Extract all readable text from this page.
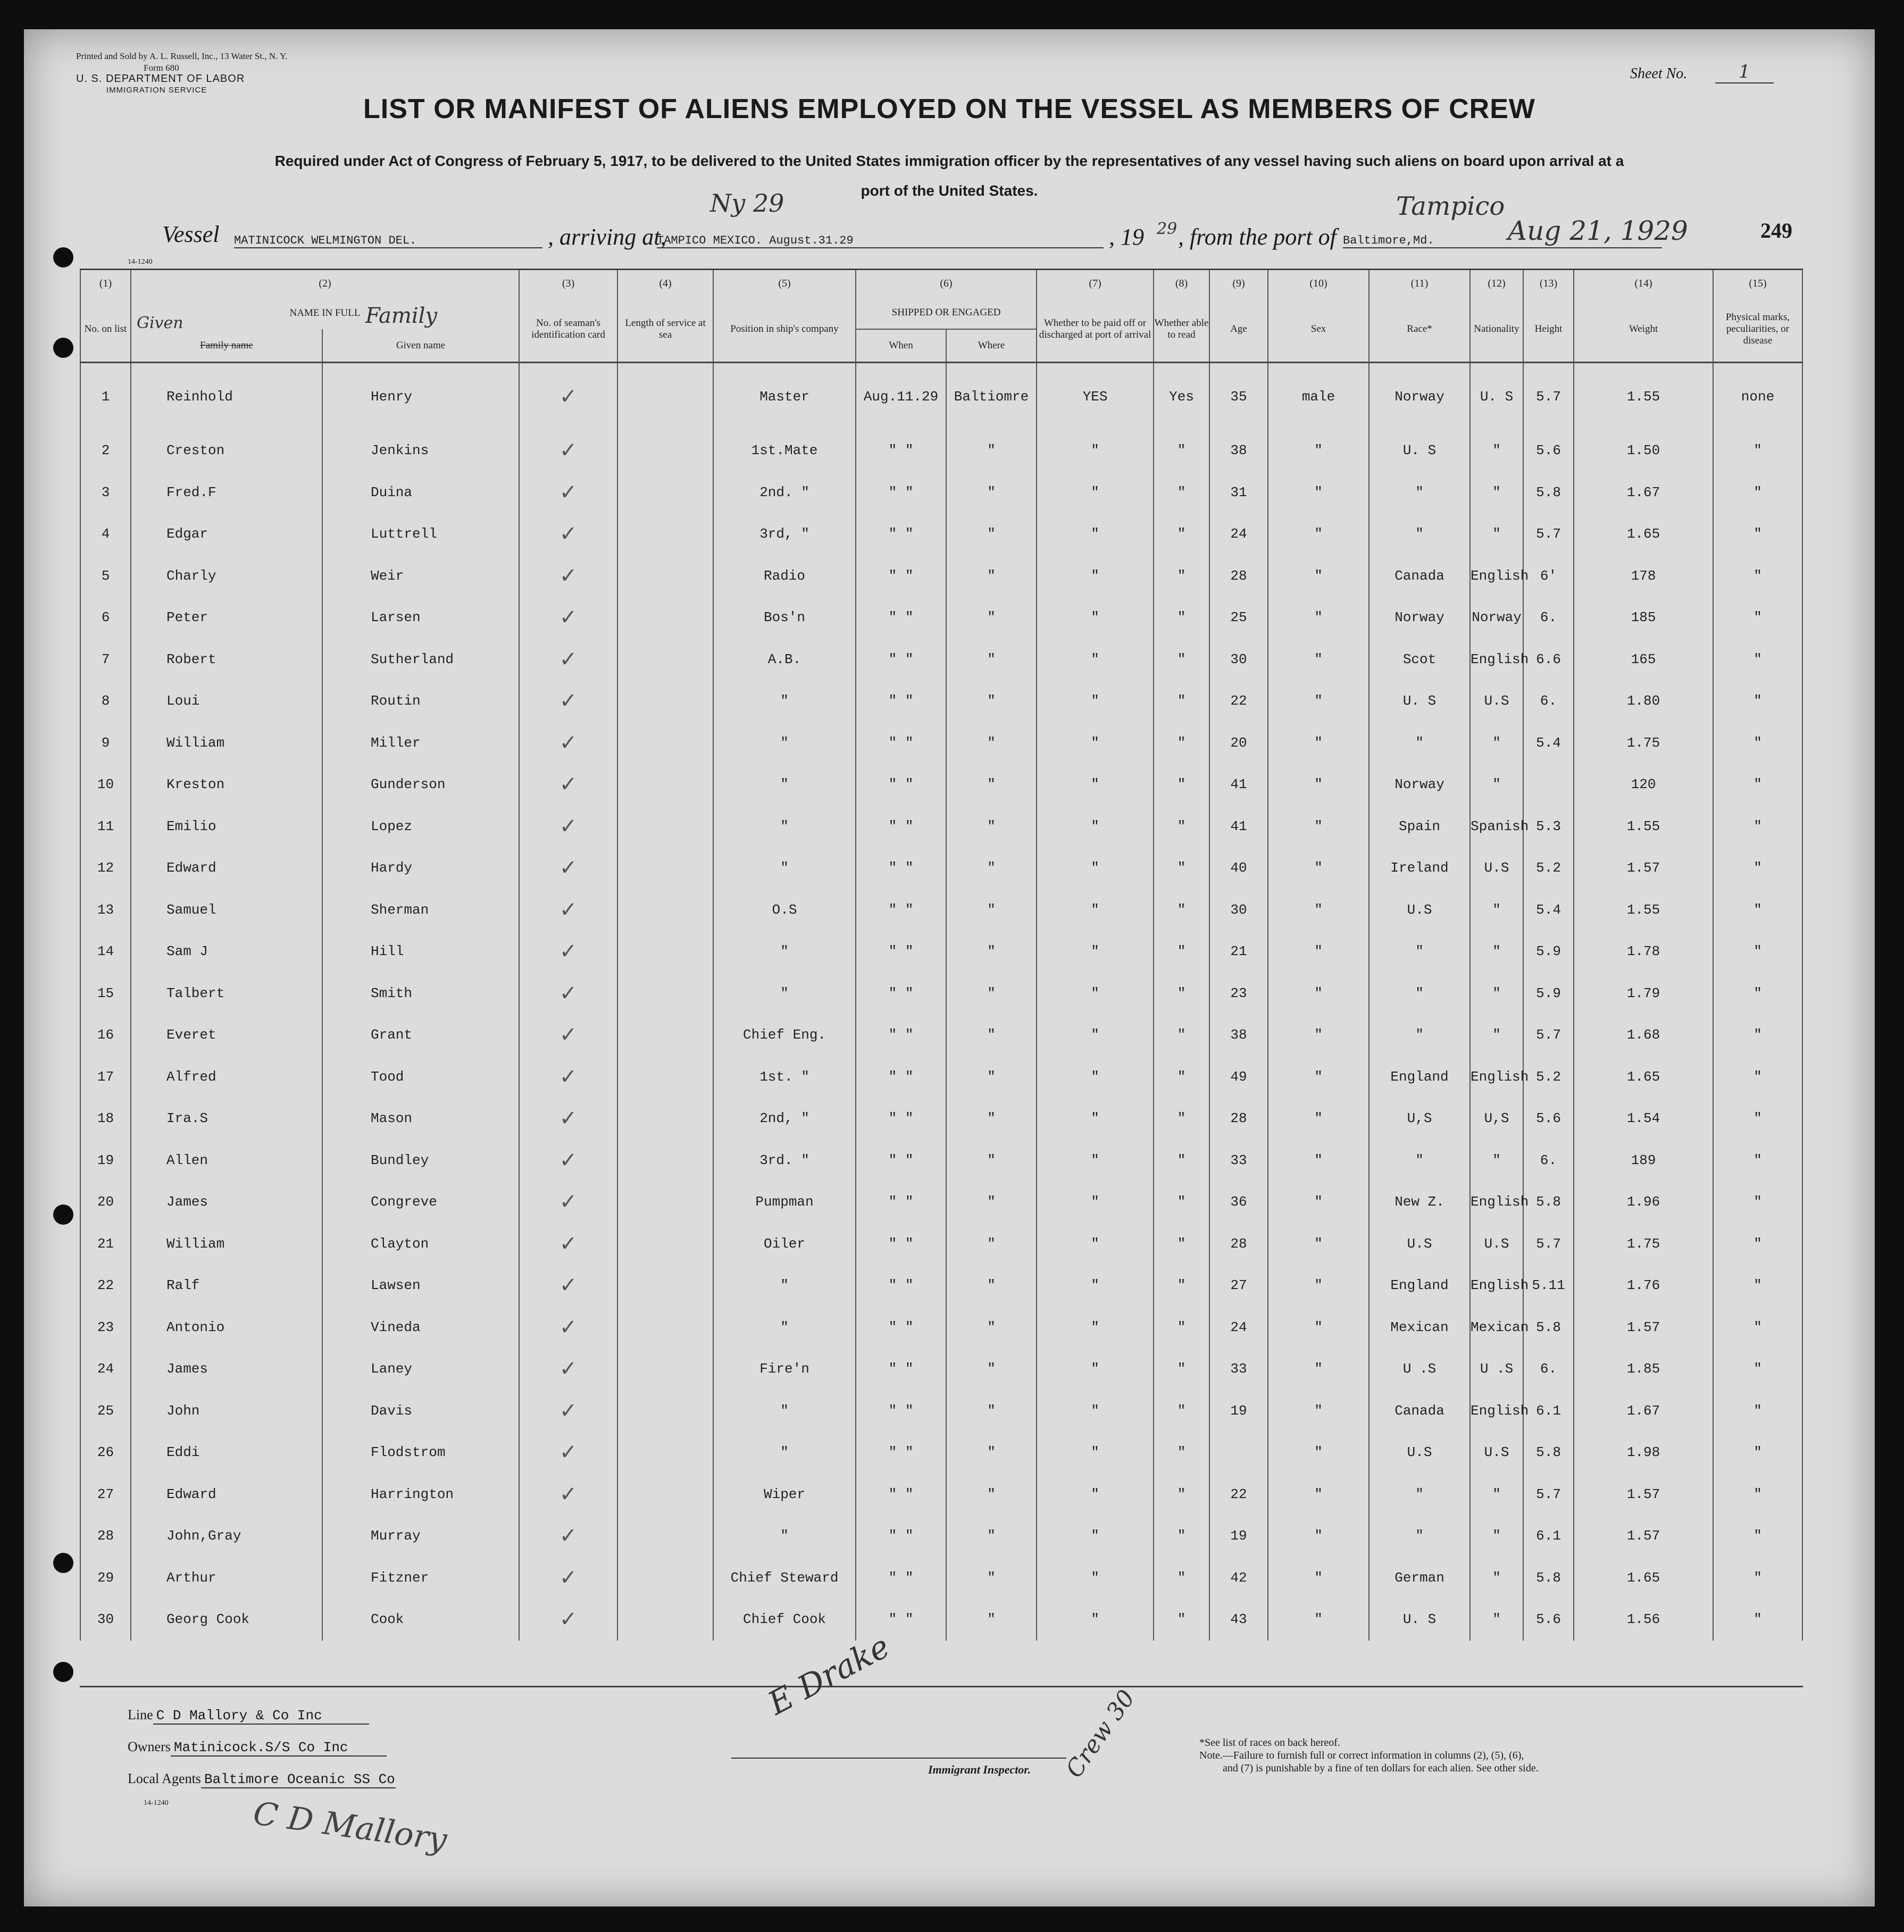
Printed and Sold by A. L. Russell, Inc., 13 Water St., N. Y.
Form 680
U. S. DEPARTMENT OF LABOR
IMMIGRATION SERVICE
Sheet No.	1
LIST OR MANIFEST OF ALIENS EMPLOYED ON THE VESSEL AS MEMBERS OF CREW
Required under Act of Congress of February 5, 1917, to be delivered to the United States immigration officer by the representatives of any vessel having such aliens on board upon arrival at a
port of the United States.
Vessel MATINICOCK WELMINGTON DEL.	, arriving at,
Ny 29
TAMPICO MEXICO. August.31.29	, 19 29 , from the port of
Tampico
Baltimore,Md.	Aug 21, 1929	249
14-1240
(1)	(2)		(3)	(4)	(5)	(6)		(7)	(8)	(9)	(10)	(11)	(12)	(13)	(14)	(15)
No. on list	NAME IN FULL		No. of seaman's identification card	Length of service at sea	Position in ship's company	SHIPPED OR ENGAGED		Whether to be paid off or discharged at port of arrival	Whether able to read	Age	Sex	Race*	Nationality	Height	Weight	Physical marks, peculiarities, or disease

	Given
Family name	Family
Given name				When	Where									
1	Reinhold	Henry	✓		Master	Aug.11.29	Baltiomre	YES	Yes	35	male	Norway	U. S	5.7	1.55	none
2	Creston	Jenkins	✓		1st.Mate	" "	"	"	"	38	"	U. S	"	5.6	1.50	"
3	Fred.F	Duina	✓		2nd. "	" "	"	"	"	31	"	"	"	5.8	1.67	"
4	Edgar	Luttrell	✓		3rd, "	" "	"	"	"	24	"	"	"	5.7	1.65	"
5	Charly	Weir	✓		Radio	" "	"	"	"	28	"	Canada	English	6'	178	"
6	Peter	Larsen	✓		Bos'n	" "	"	"	"	25	"	Norway	Norway	6.	185	"
7	Robert	Sutherland	✓		A.B.	" "	"	"	"	30	"	Scot	English	6.6	165	"
8	Loui	Routin	✓		"	" "	"	"	"	22	"	U. S	U.S	6.	1.80	"
9	William	Miller	✓		"	" "	"	"	"	20	"	"	"	5.4	1.75	"
10	Kreston	Gunderson	✓		"	" "	"	"	"	41	"	Norway	"		120	"
11	Emilio	Lopez	✓		"	" "	"	"	"	41	"	Spain	Spanish	5.3	1.55	"
12	Edward	Hardy	✓		"	" "	"	"	"	40	"	Ireland	U.S	5.2	1.57	"
13	Samuel	Sherman	✓		O.S	" "	"	"	"	30	"	U.S	"	5.4	1.55	"
14	Sam J	Hill	✓		"	" "	"	"	"	21	"	"	"	5.9	1.78	"
15	Talbert	Smith	✓		"	" "	"	"	"	23	"	"	"	5.9	1.79	"
16	Everet	Grant	✓		Chief Eng.	" "	"	"	"	38	"	"	"	5.7	1.68	"
17	Alfred	Tood	✓		1st. "	" "	"	"	"	49	"	England	English	5.2	1.65	"
18	Ira.S	Mason	✓		2nd, "	" "	"	"	"	28	"	U,S	U,S	5.6	1.54	"
19	Allen	Bundley	✓		3rd. "	" "	"	"	"	33	"	"	"	6.	189	"
20	James	Congreve	✓		Pumpman	" "	"	"	"	36	"	New Z.	English	5.8	1.96	"
21	William	Clayton	✓		Oiler	" "	"	"	"	28	"	U.S	U.S	5.7	1.75	"
22	Ralf	Lawsen	✓		"	" "	"	"	"	27	"	England	English	5.11	1.76	"
23	Antonio	Vineda	✓		"	" "	"	"	"	24	"	Mexican	Mexican	5.8	1.57	"
24	James	Laney	✓		Fire'n	" "	"	"	"	33	"	U .S	U .S	6.	1.85	"
25	John	Davis	✓		"	" "	"	"	"	19	"	Canada	English	6.1	1.67	"
26	Eddi	Flodstrom	✓		"	" "	"	"	"		"	U.S	U.S	5.8	1.98	"
27	Edward	Harrington	✓		Wiper	" "	"	"	"	22	"	"	"	5.7	1.57	"
28	John,Gray	Murray	✓		"	" "	"	"	"	19	"	"	"	6.1	1.57	"
29	Arthur	Fitzner	✓		Chief Steward	" "	"	"	"	42	"	German	"	5.8	1.65	"
30	Georg Cook	Cook	✓		Chief Cook	" "	"	"	"	43	"	U. S	"	5.6	1.56	"
Line C D Mallory & Co Inc
Owners Matinicock.S/S Co Inc
Local Agents Baltimore Oceanic SS Co
14-1240	C D Mallory
E Drake
Immigrant Inspector. Crew 30	*See list of races on back hereof.
Note.—Failure to furnish full or correct information in columns (2), (5), (6),
and (7) is punishable by a fine of ten dollars for each alien. See other side.
